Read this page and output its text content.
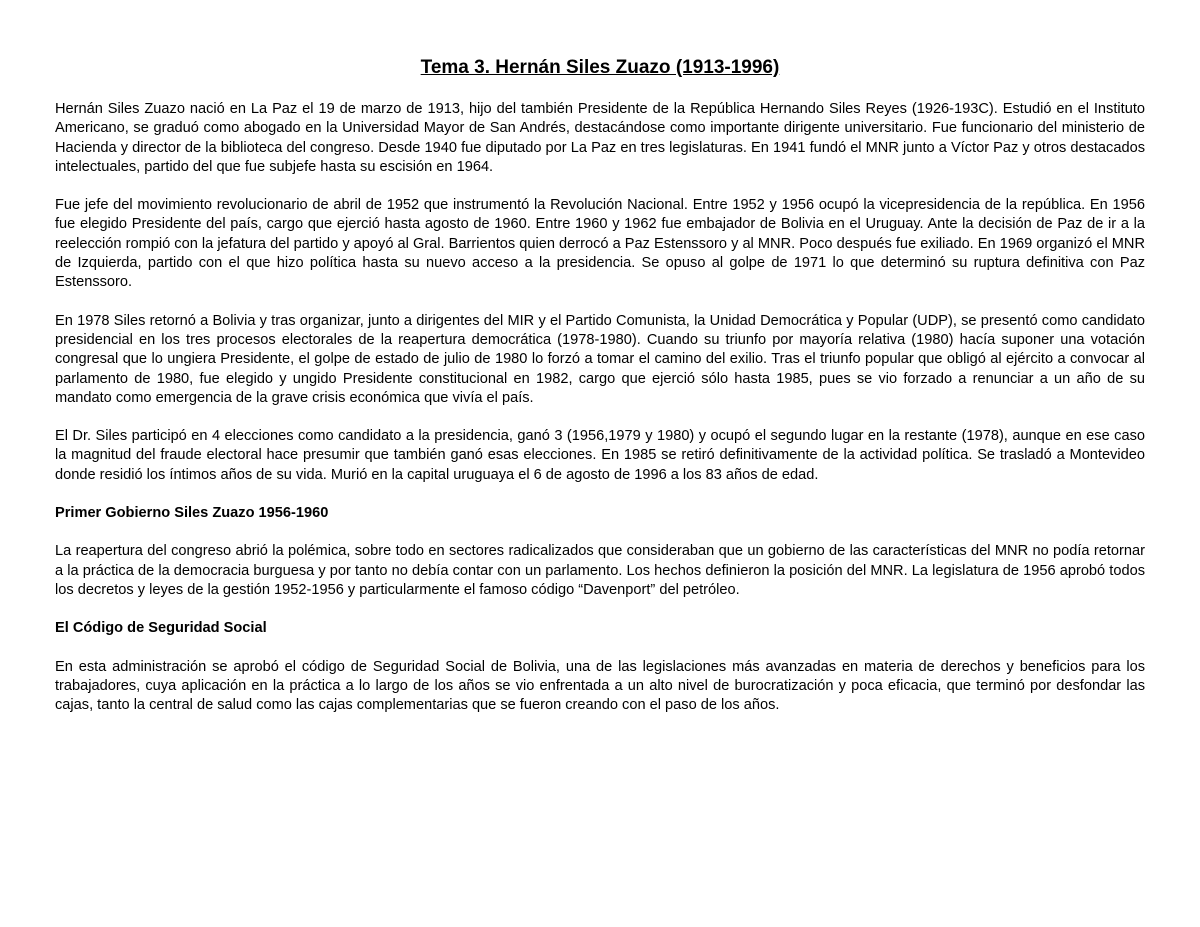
Tema 3. Hernán Siles Zuazo (1913-1996)

Hernán Siles Zuazo nació en La Paz el 19 de marzo de 1913, hijo del también Presidente de la República Hernando Siles Reyes (1926-193C). Estudió en el Instituto Americano, se graduó como abogado en la Universidad Mayor de San Andrés, destacándose como importante dirigente universitario. Fue funcionario del ministerio de Hacienda y director de la biblioteca del congreso. Desde 1940 fue diputado por La Paz en tres legislaturas. En 1941 fundó el MNR junto a Víctor Paz y otros destacados intelectuales, partido del que fue subjefe hasta su escisión en 1964.

Fue jefe del movimiento revolucionario de abril de 1952 que instrumentó la Revolución Nacional. Entre 1952 y 1956 ocupó la vicepresidencia de la república. En 1956 fue elegido Presidente del país, cargo que ejerció hasta agosto de 1960. Entre 1960 y 1962 fue embajador de Bolivia en el Uruguay. Ante la decisión de Paz de ir a la reelección rompió con la jefatura del partido y apoyó al Gral. Barrientos quien derrocó a Paz Estenssoro y al MNR. Poco después fue exiliado. En 1969 organizó el MNR de Izquierda, partido con el que hizo política hasta su nuevo acceso a la presidencia. Se opuso al golpe de 1971 lo que determinó su ruptura definitiva con Paz Estenssoro.

En 1978 Siles retornó a Bolivia y tras organizar, junto a dirigentes del MIR y el Partido Comunista, la Unidad Democrática y Popular (UDP), se presentó como candidato presidencial en los tres procesos electorales de la reapertura democrática (1978-1980). Cuando su triunfo por mayoría relativa (1980) hacía suponer una votación congresal que lo ungiera Presidente, el golpe de estado de julio de 1980 lo forzó a tomar el camino del exilio. Tras el triunfo popular que obligó al ejército a convocar al parlamento de 1980, fue elegido y ungido Presidente constitucional en 1982, cargo que ejerció sólo hasta 1985, pues se vio forzado a renunciar a un año de su mandato como emergencia de la grave crisis económica que vivía el país.

El Dr. Siles participó en 4 elecciones como candidato a la presidencia, ganó 3 (1956,1979 y 1980) y ocupó el segundo lugar en la restante (1978), aunque en ese caso la magnitud del fraude electoral hace presumir que también ganó esas elecciones. En 1985 se retiró definitivamente de la actividad política. Se trasladó a Montevideo donde residió los íntimos años de su vida. Murió en la capital uruguaya el 6 de agosto de 1996 a los 83 años de edad.

Primer Gobierno Siles Zuazo 1956-1960

La reapertura del congreso abrió la polémica, sobre todo en sectores radicalizados que consideraban que un gobierno de las características del MNR no podía retornar a la práctica de la democracia burguesa y por tanto no debía contar con un parlamento. Los hechos definieron la posición del MNR. La legislatura de 1956 aprobó todos los decretos y leyes de la gestión 1952-1956 y particularmente el famoso código “Davenport” del petróleo.

El Código de Seguridad Social

En esta administración se aprobó el código de Seguridad Social de Bolivia, una de las legislaciones más avanzadas en materia de derechos y beneficios para los trabajadores, cuya aplicación en la práctica a lo largo de los años se vio enfrentada a un alto nivel de burocratización y poca eficacia, que terminó por desfondar las cajas, tanto la central de salud como las cajas complementarias que se fueron creando con el paso de los años.
